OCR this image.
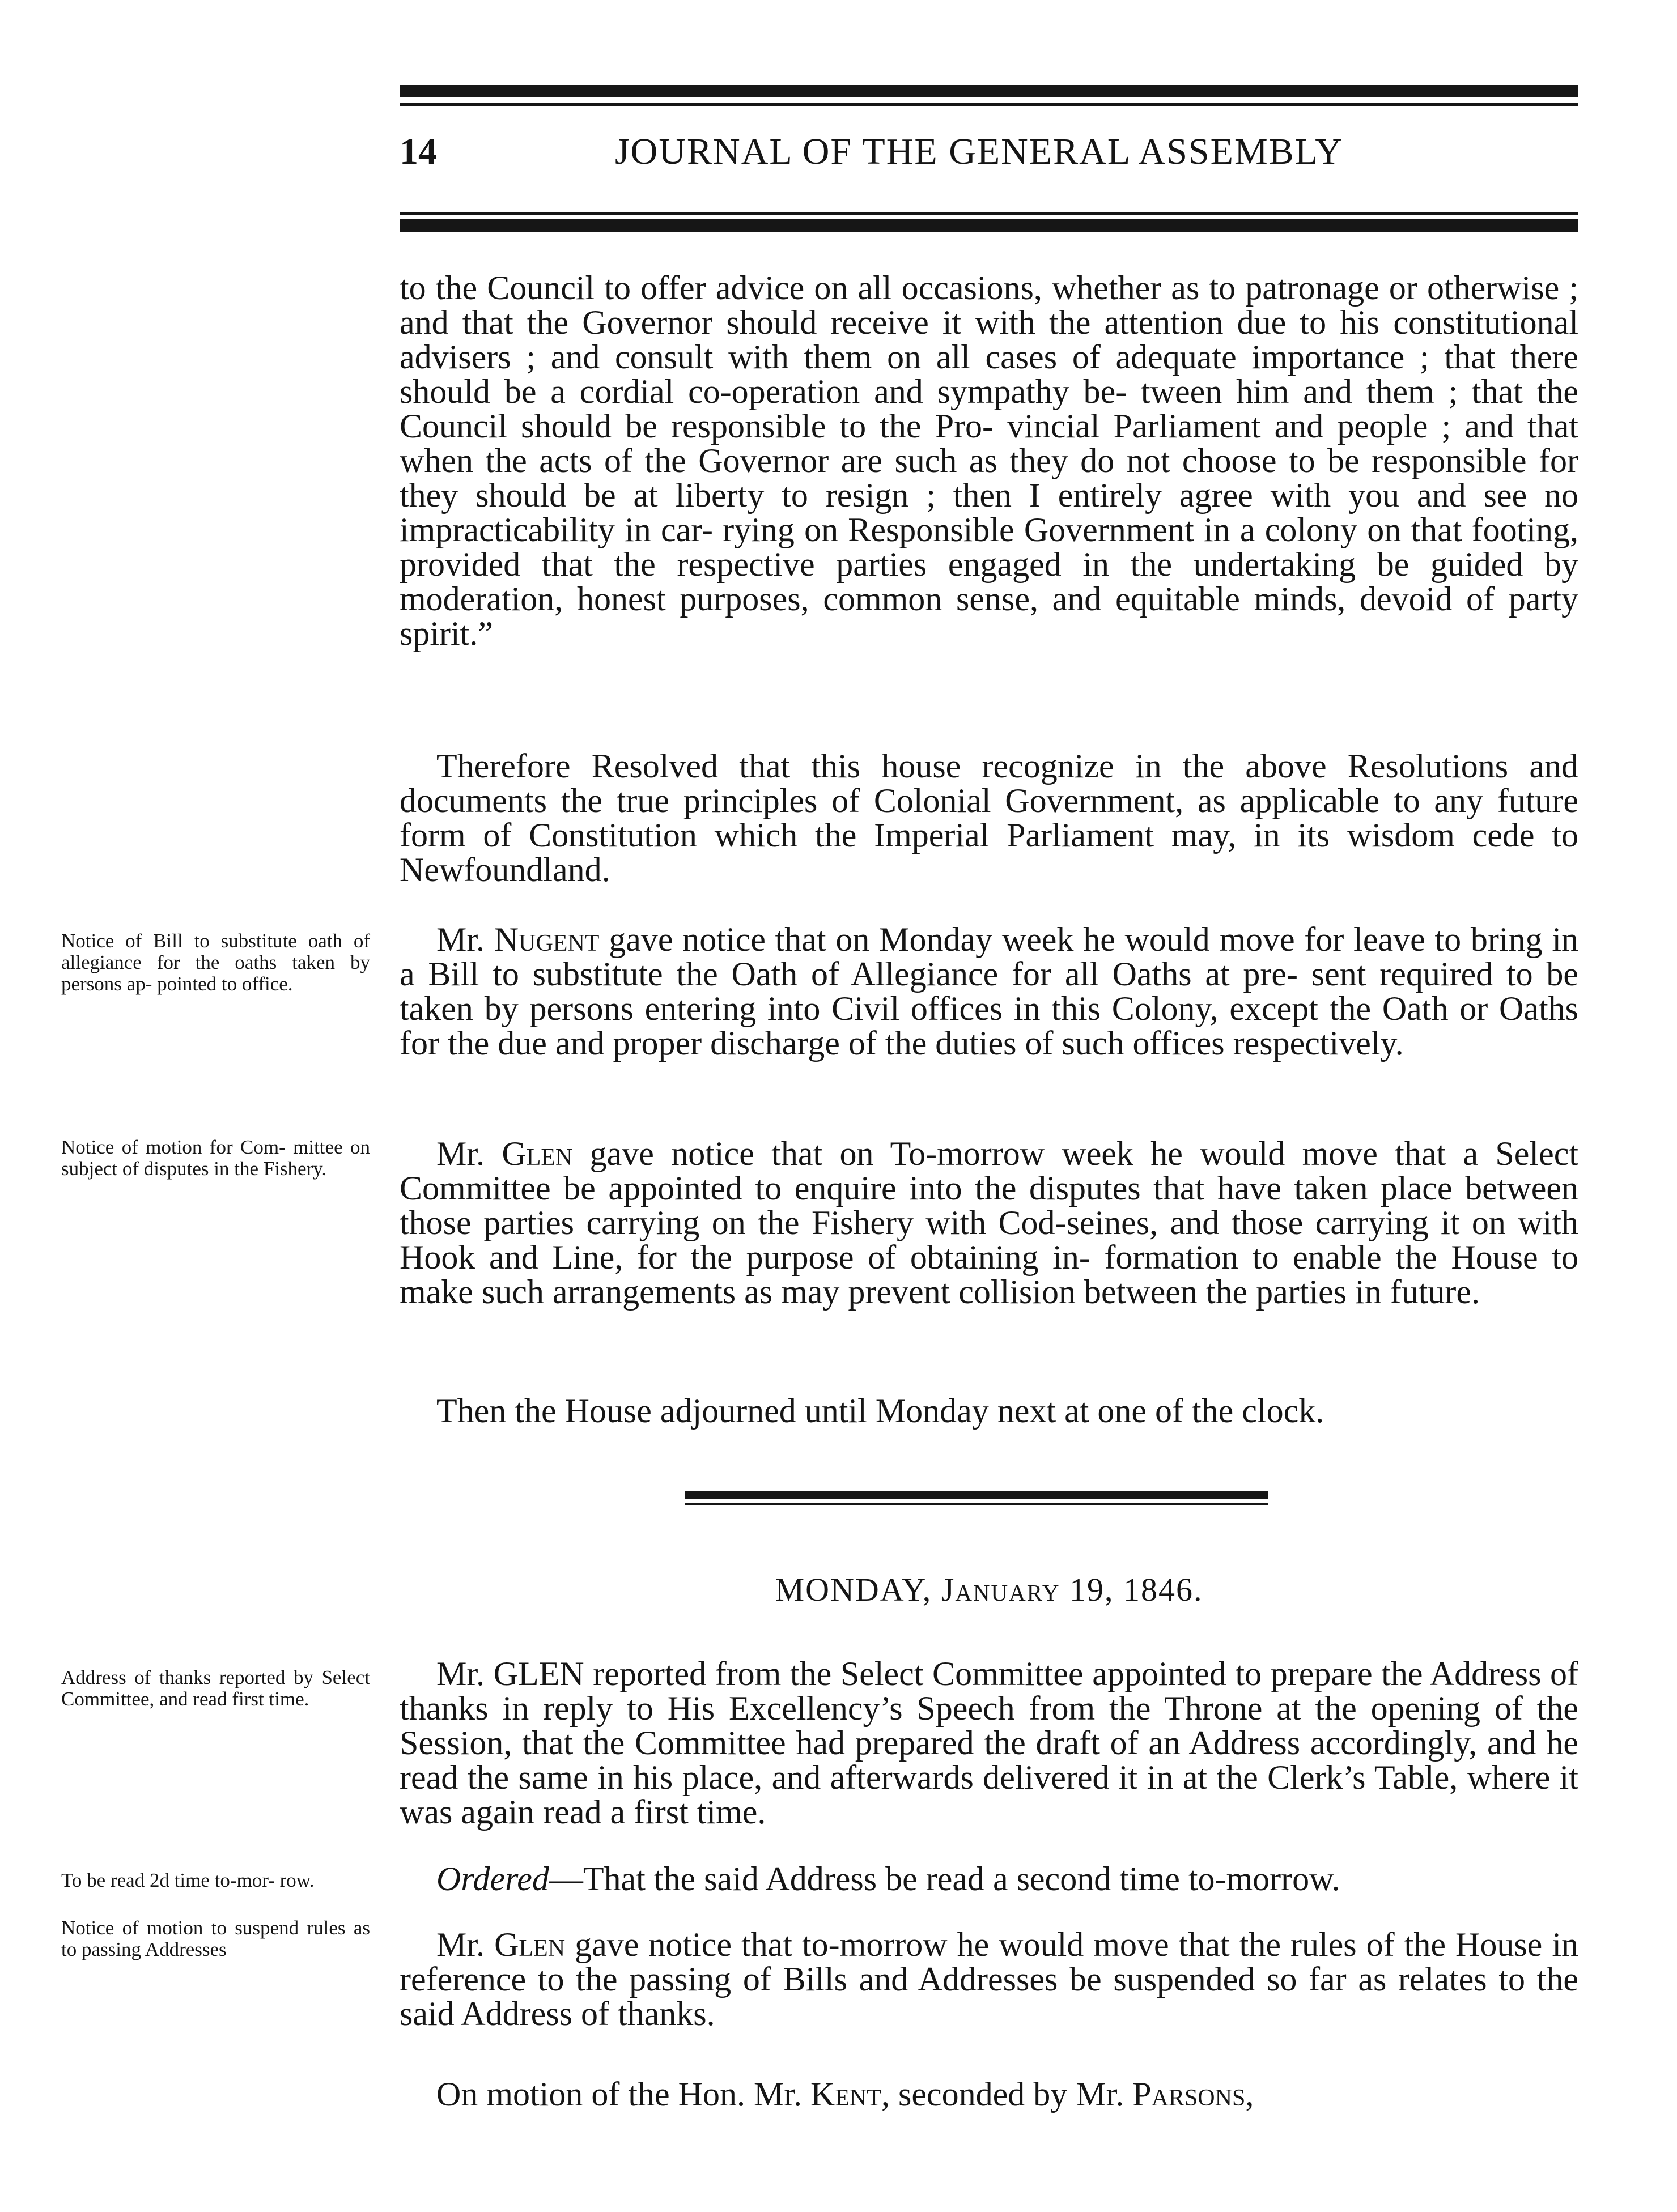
14	JOURNAL OF THE GENERAL ASSEMBLY

to the Council to offer advice on all occasions, whether as to patronage or otherwise ; and that the Governor should receive it with the attention due to his constitutional advisers ; and consult with them on all cases of adequate importance ; that there should be a cordial co-operation and sympathy be- tween him and them ; that the Council should be responsible to the Pro- vincial Parliament and people ; and that when the acts of the Governor are such as they do not choose to be responsible for they should be at liberty to resign ; then I entirely agree with you and see no impracticability in car- rying on Responsible Government in a colony on that footing, provided that the respective parties engaged in the undertaking be guided by moderation, honest purposes, common sense, and equitable minds, devoid of party spirit.”

Therefore Resolved that this house recognize in the above Resolutions and documents the true principles of Colonial Government, as applicable to any future form of Constitution which the Imperial Parliament may, in its wisdom cede to Newfoundland.

Notice of Bill to substitute oath of allegiance for the oaths taken by persons ap- pointed to office.

Mr. Nugent gave notice that on Monday week he would move for leave to bring in a Bill to substitute the Oath of Allegiance for all Oaths at pre- sent required to be taken by persons entering into Civil offices in this Colony, except the Oath or Oaths for the due and proper discharge of the duties of such offices respectively.

Notice of motion for Com- mittee on subject of disputes in the Fishery.	Mr. Glen gave notice that on To-morrow week he would move that a Select Committee be appointed to enquire into the disputes that have taken place between those parties carrying on the Fishery with Cod-seines, and those carrying it on with Hook and Line, for the purpose of obtaining in- formation to enable the House to make such arrangements as may prevent collision between the parties in future.

Then the House adjourned until Monday next at one of the clock.

MONDAY, January 19, 1846.

Address of thanks reported by Select Committee, and read first time.

Mr. GLEN reported from the Select Committee appointed to prepare the Address of thanks in reply to His Excellency’s Speech from the Throne at the opening of the Session, that the Committee had prepared the draft of an Address accordingly, and he read the same in his place, and afterwards delivered it in at the Clerk’s Table, where it was again read a first time.

To be read 2d time to-mor- row.	Ordered—That the said Address be read a second time to-morrow.

Notice of motion to suspend rules as to passing Addresses	Mr. Glen gave notice that to-morrow he would move that the rules of the House in reference to the passing of Bills and Addresses be suspended so far as relates to the said Address of thanks.

On motion of the Hon. Mr. Kent, seconded by Mr. Parsons,
